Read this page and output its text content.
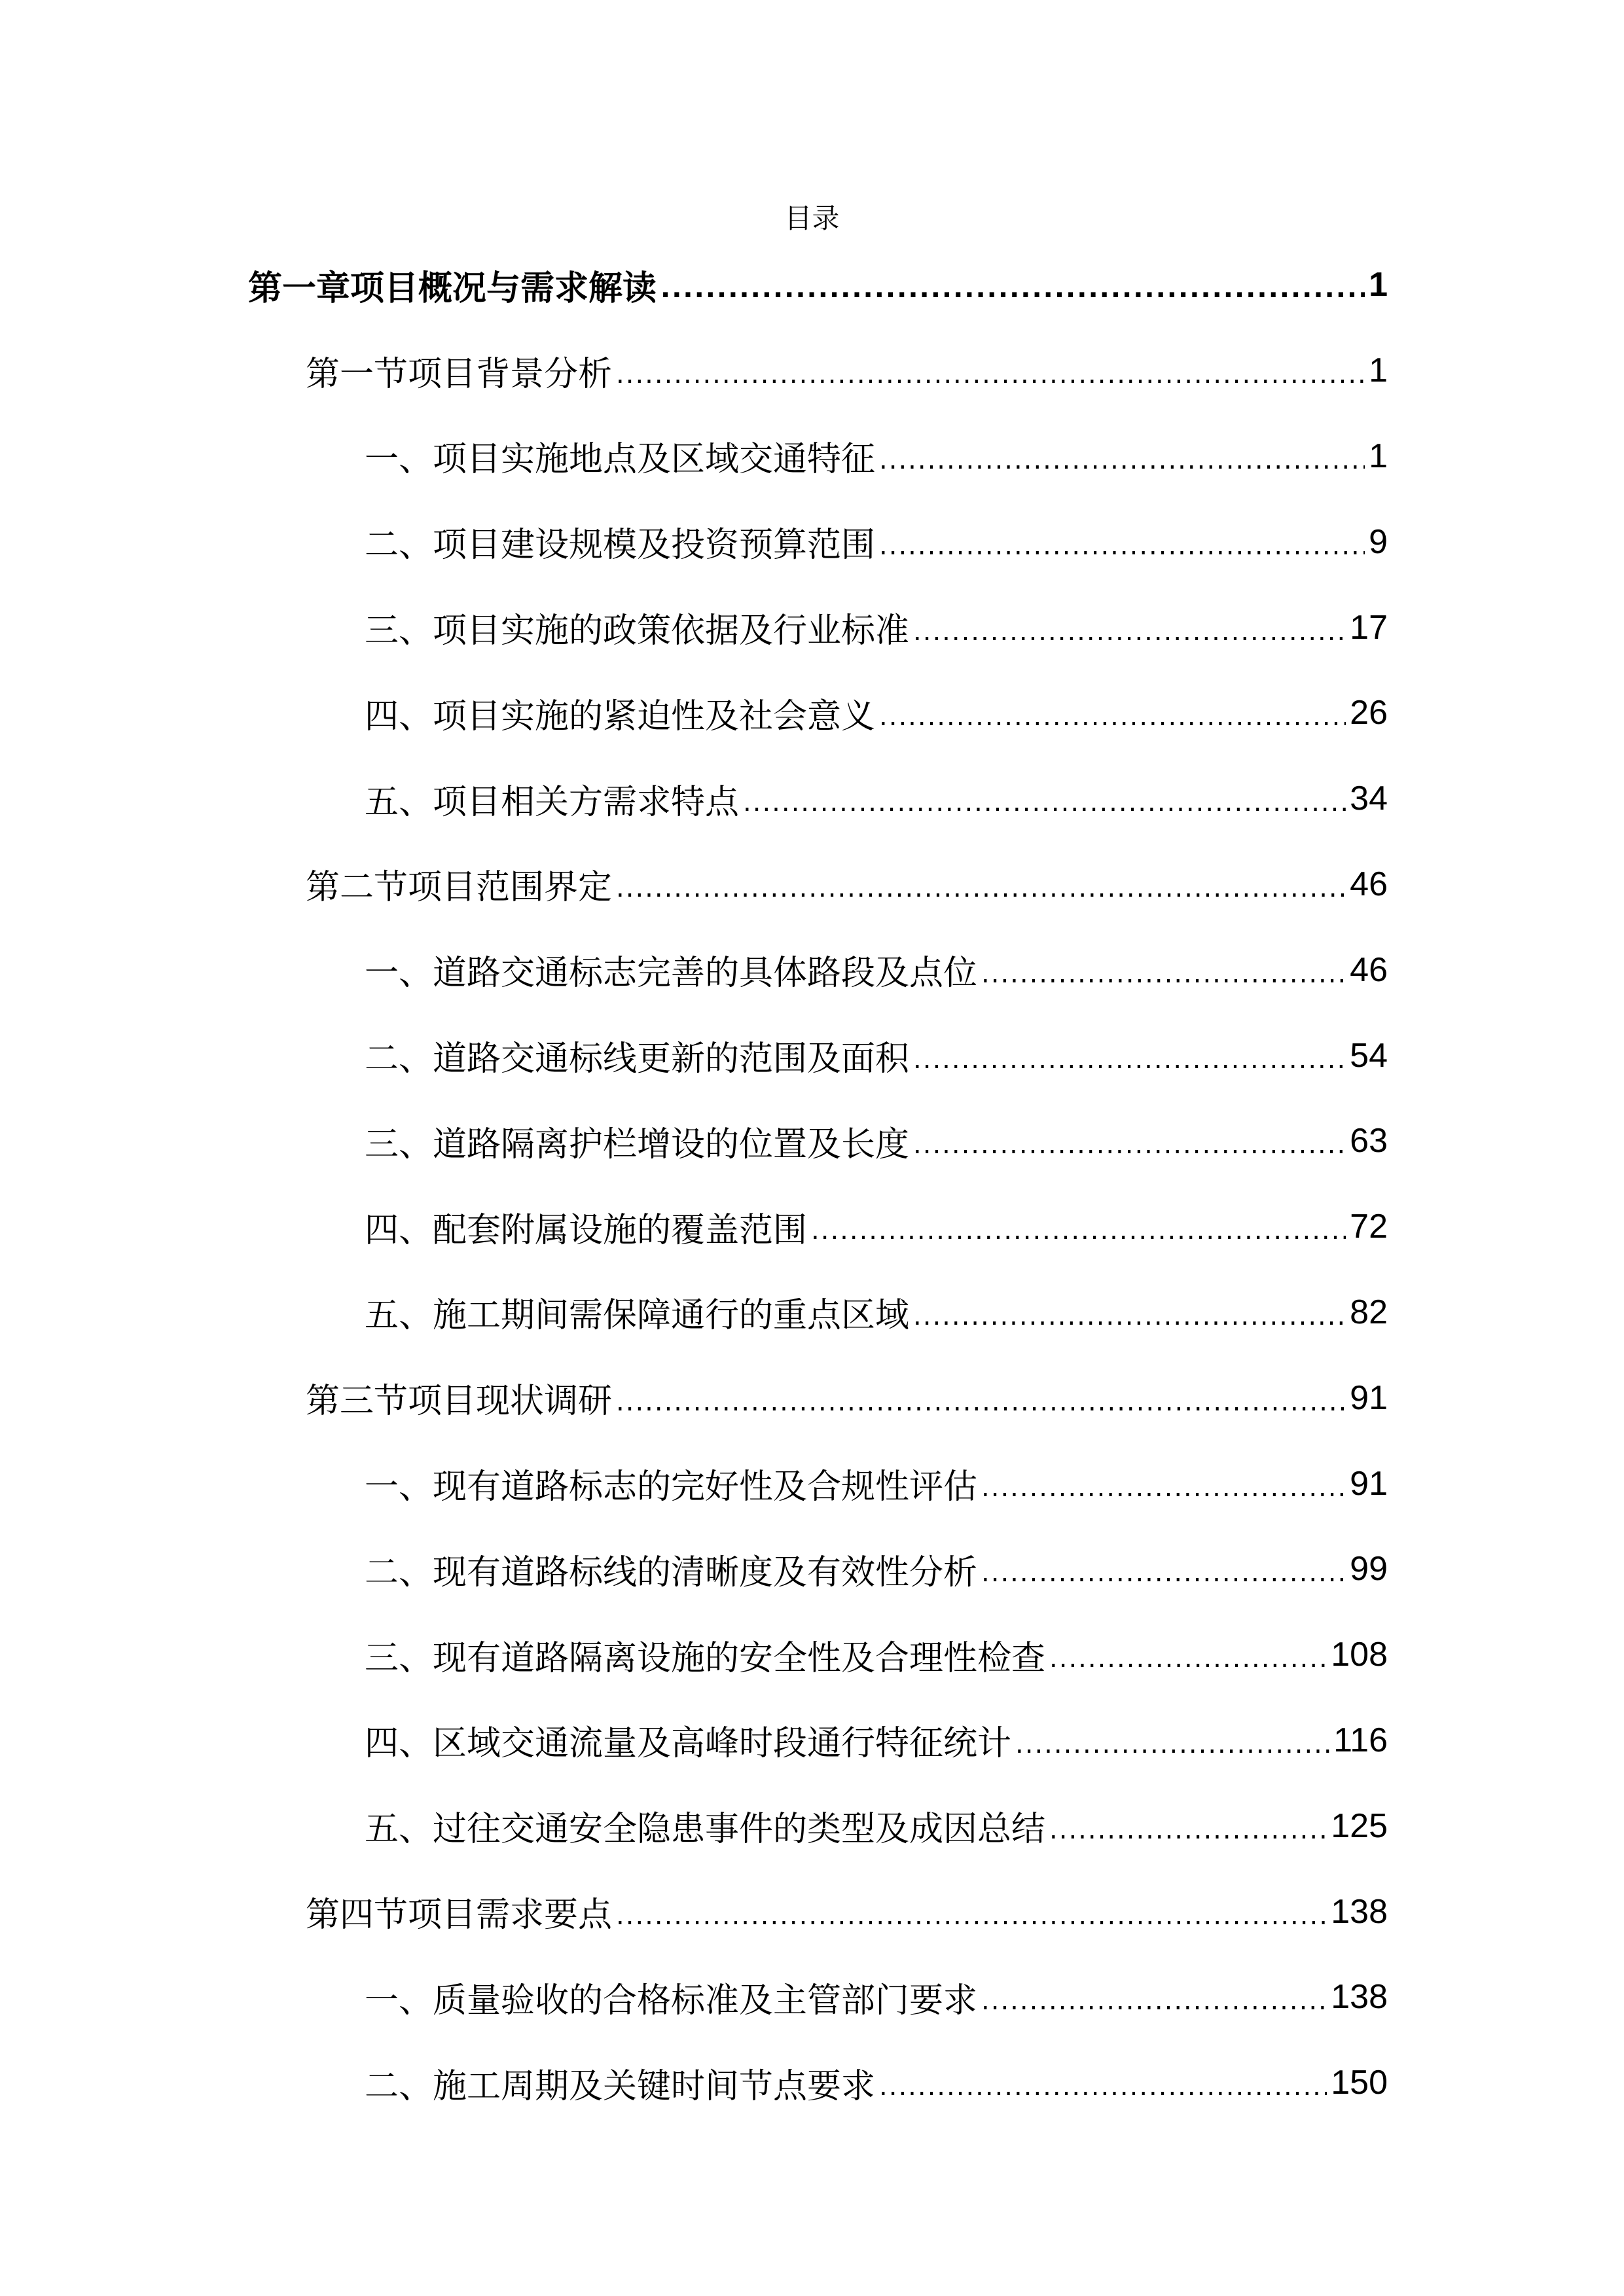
目录
第一章项目概况与需求解读 .....	1
第一节项目背景分析 .....	1
一、项目实施地点及区域交通特征 .....	1
二、项目建设规模及投资预算范围 .....	9
三、项目实施的政策依据及行业标准 .....	17
四、项目实施的紧迫性及社会意义 .....	26
五、项目相关方需求特点 .....	34
第二节项目范围界定 .....	46
一、道路交通标志完善的具体路段及点位 .....	46
二、道路交通标线更新的范围及面积 .....	54
三、道路隔离护栏增设的位置及长度 .....	63
四、配套附属设施的覆盖范围 .....	72
五、施工期间需保障通行的重点区域 .....	82
第三节项目现状调研 .....	91
一、现有道路标志的完好性及合规性评估 .....	91
二、现有道路标线的清晰度及有效性分析 .....	99
三、现有道路隔离设施的安全性及合理性检查 .....	108
四、区域交通流量及高峰时段通行特征统计 .....	116
五、过往交通安全隐患事件的类型及成因总结 .....	125
第四节项目需求要点 .....	138
一、质量验收的合格标准及主管部门要求 .....	138
二、施工周期及关键时间节点要求 .....	150
